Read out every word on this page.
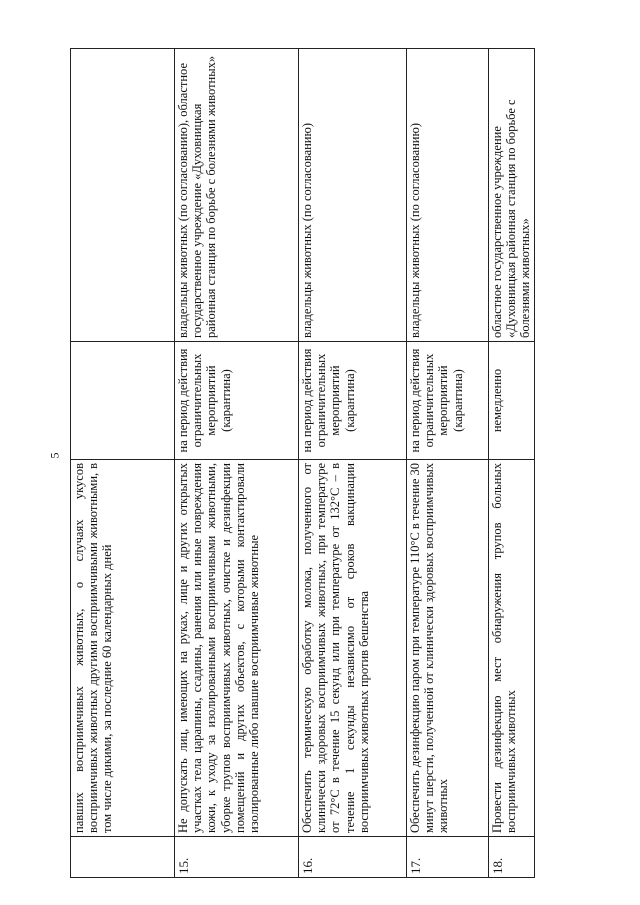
5
	павших восприимчивых животных, о случаях укусов восприимчивых животных другими восприимчивыми животными, в том числе дикими, за последние 60 календарных дней		
15.	Не допускать лиц, имеющих на руках, лице и других открытых участках тела царапины, ссадины, ранения или иные повреждения кожи, к уходу за изолированными восприимчивыми животными, уборке трупов восприимчивых животных, очистке и дезинфекции помещений и других объектов, с которыми контактировали изолированные либо павшие восприимчивые животные	на период действия ограничительных мероприятий (карантина)	владельцы животных (по согласованию), областное государственное учреждение «Духовницкая районная станция по борьбе с болезнями животных»
16.	Обеспечить термическую обработку молока, полученного от клинически здоровых восприимчивых животных, при температуре от 72°С в течение 15 секунд или при температуре от 132°С – в течение 1 секунды независимо от сроков вакцинации восприимчивых животных против бешенства	на период действия ограничительных мероприятий (карантина)	владельцы животных (по согласованию)
17.	Обеспечить дезинфекцию паром при температуре 110°С в течение 30 минут шерсти, полученной от клинически здоровых восприимчивых животных	на период действия ограничительных мероприятий (карантина)	владельцы животных (по согласованию)
18.	Провести дезинфекцию мест обнаружения трупов больных восприимчивых животных	немедленно	областное государственное учреждение «Духовницкая районная станция по борьбе с болезнями животных»
